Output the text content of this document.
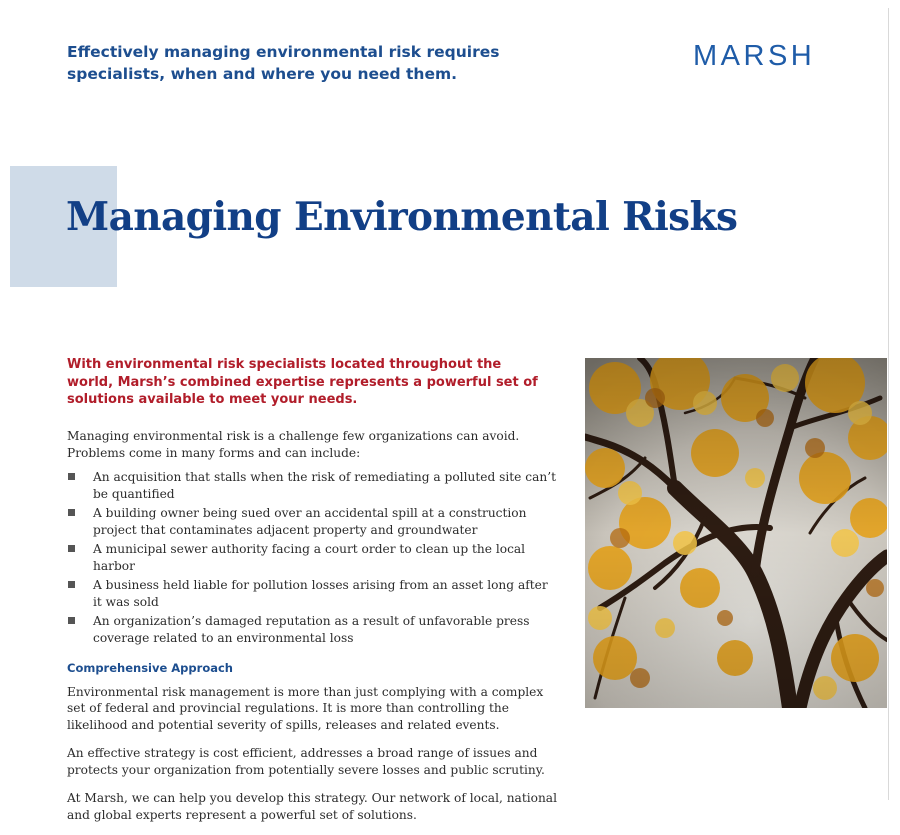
Effectively managing environmental risk requires specialists, when and where you need them.
MARSH
Managing Environmental Risks

With environmental risk specialists located throughout the world, Marsh’s combined expertise represents a powerful set of solutions available to meet your needs.

Managing environmental risk is a challenge few organizations can avoid. Problems come in many forms and can include:

An acquisition that stalls when the risk of remediating a polluted site can’t be quantified
A building owner being sued over an accidental spill at a construction project that contaminates adjacent property and groundwater
A municipal sewer authority facing a court order to clean up the local harbor
A business held liable for pollution losses arising from an asset long after it was sold
An organization’s damaged reputation as a result of unfavorable press coverage related to an environmental loss
Comprehensive Approach

Environmental risk management is more than just complying with a complex set of federal and provincial regulations. It is more than controlling the likelihood and potential severity of spills, releases and related events.

An effective strategy is cost efficient, addresses a broad range of issues and protects your organization from potentially severe losses and public scrutiny.

At Marsh, we can help you develop this strategy. Our network of local, national and global experts represent a powerful set of solutions.
